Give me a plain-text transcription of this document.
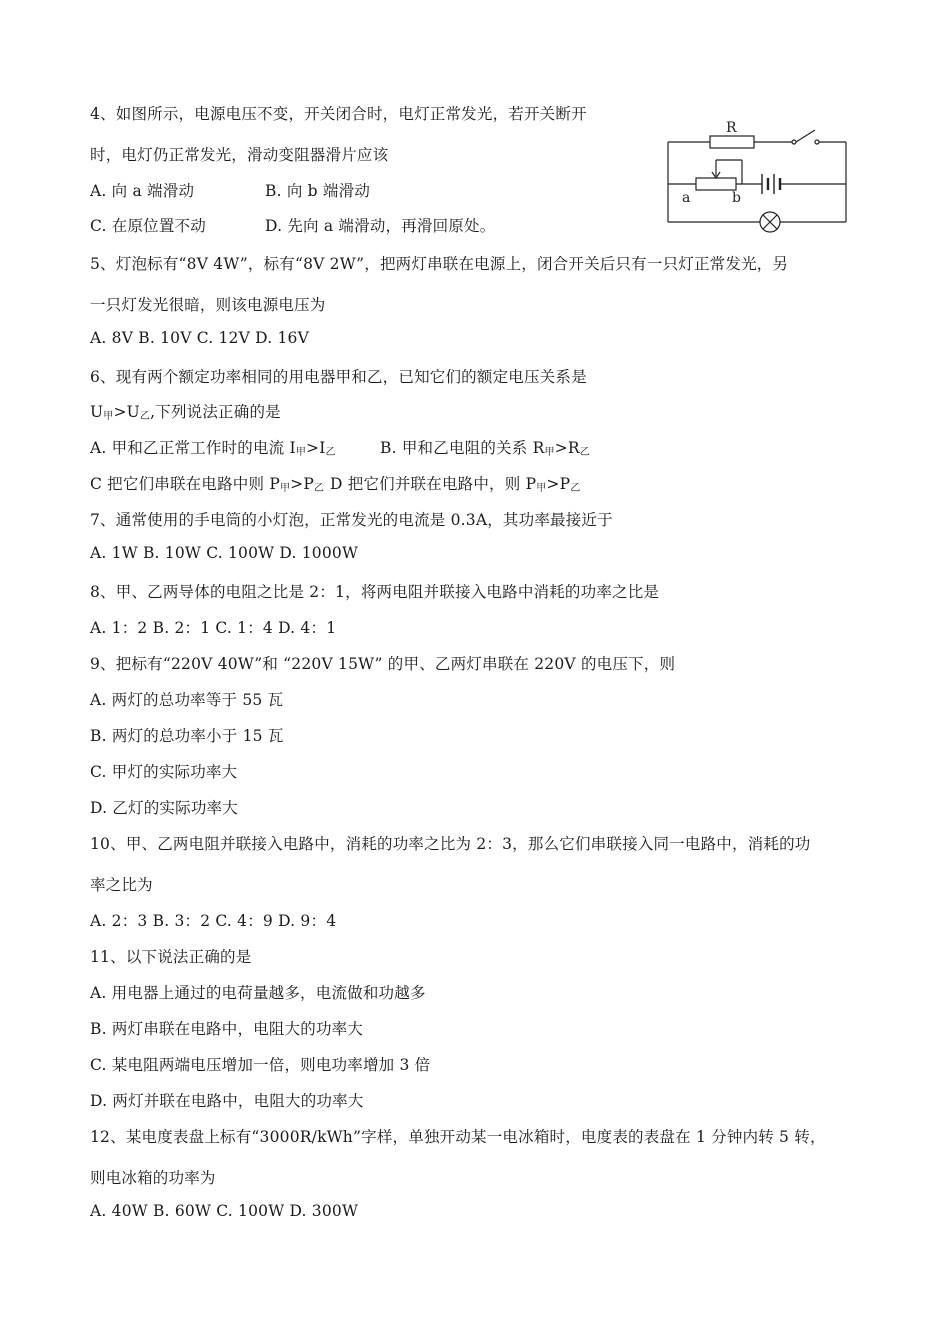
4、如图所示，电源电压不变，开关闭合时，电灯正常发光，若开关断开
时，电灯仍正常发光，滑动变阻器滑片应该
A. 向 a 端滑动	B. 向 b 端滑动
C. 在原位置不动	D. 先向 a 端滑动，再滑回原处。
R
a	b
5、灯泡标有“8V 4W”，标有“8V 2W”，把两灯串联在电源上，闭合开关后只有一只灯正常发光，另
一只灯发光很暗，则该电源电压为
A. 8V B. 10V C. 12V D. 16V
6、现有两个额定功率相同的用电器甲和乙，已知它们的额定电压关系是
$U_甲>U_乙$,下列说法正确的是
A. 甲和乙正常工作时的电流 $I_甲>I_乙$	B. 甲和乙电阻的关系 $R_甲>R_乙$
C 把它们串联在电路中则 $P_甲>P_乙$ D 把它们并联在电路中，则 $P_甲>P_乙$
7、通常使用的手电筒的小灯泡，正常发光的电流是 0.3A，其功率最接近于
A. 1W B. 10W C. 100W D. 1000W
8、甲、乙两导体的电阻之比是 2：1，将两电阻并联接入电路中消耗的功率之比是
A. 1：2 B. 2：1 C. 1：4 D. 4：1
9、把标有“220V 40W”和 “220V 15W” 的甲、乙两灯串联在 220V 的电压下，则
A. 两灯的总功率等于 55 瓦
B. 两灯的总功率小于 15 瓦
C. 甲灯的实际功率大
D. 乙灯的实际功率大
10、甲、乙两电阻并联接入电路中，消耗的功率之比为 2：3，那么它们串联接入同一电路中，消耗的功
率之比为
A. 2：3 B. 3：2 C. 4：9 D. 9：4
11、以下说法正确的是
A. 用电器上通过的电荷量越多，电流做和功越多
B. 两灯串联在电路中，电阻大的功率大
C. 某电阻两端电压增加一倍，则电功率增加 3 倍
D. 两灯并联在电路中，电阻大的功率大
12、某电度表盘上标有“3000R/kWh”字样，单独开动某一电冰箱时，电度表的表盘在 1 分钟内转 5 转，
则电冰箱的功率为
A. 40W B. 60W C. 100W D. 300W
